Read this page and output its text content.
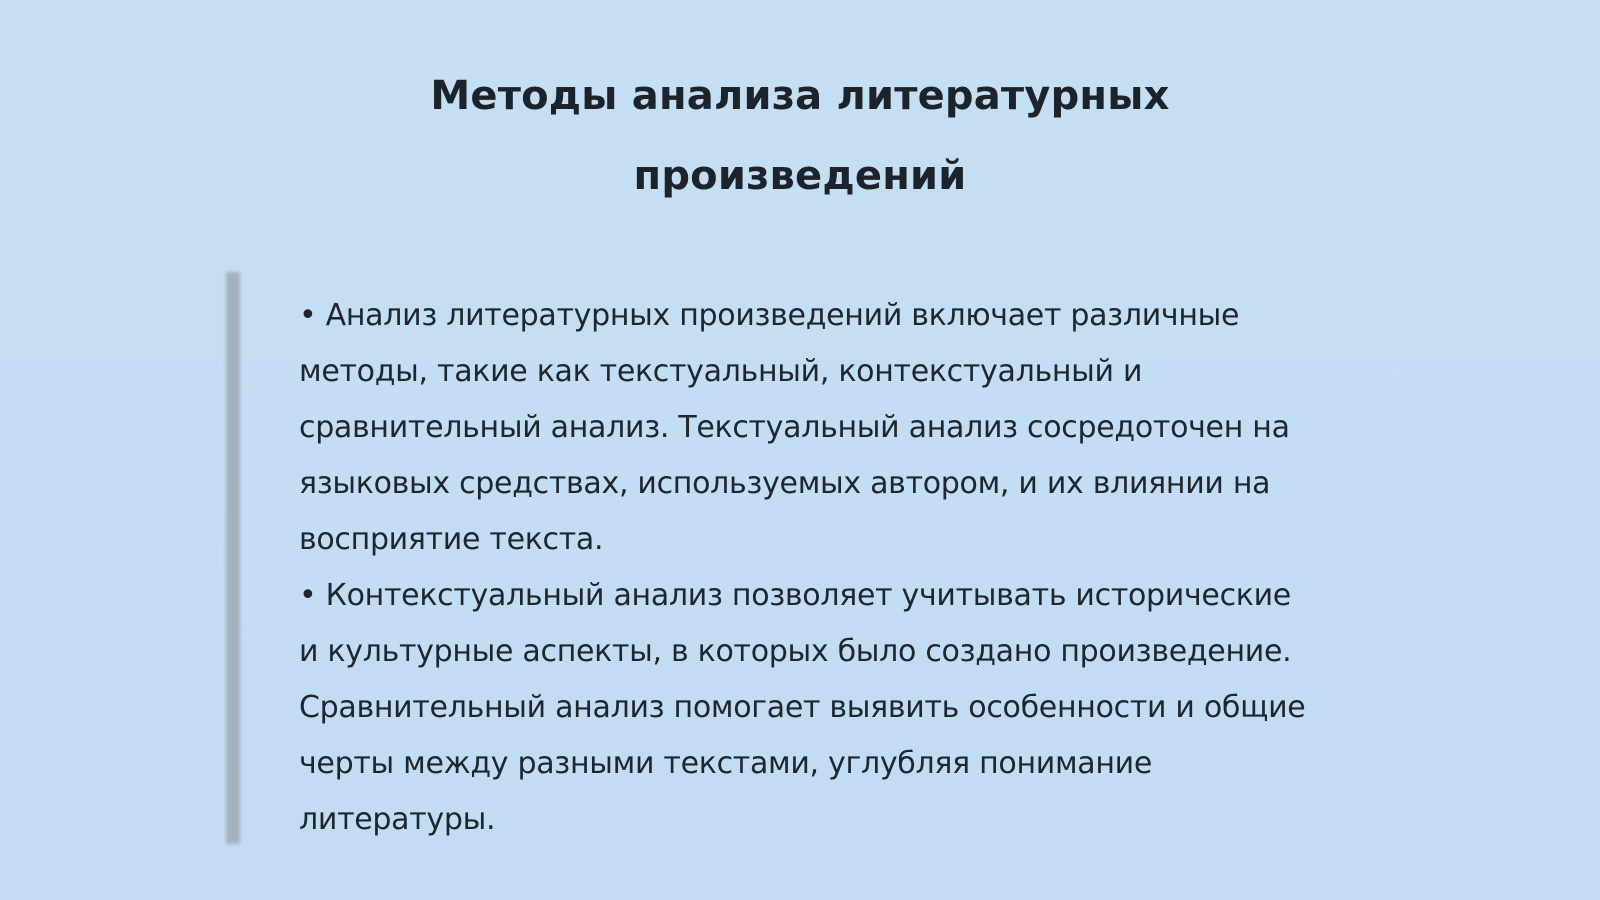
Методы анализа литературных произведений

• Анализ литературных произведений включает различные методы, такие как текстуальный, контекстуальный и сравнительный анализ. Текстуальный анализ сосредоточен на языковых средствах, используемых автором, и их влиянии на восприятие текста.

• Контекстуальный анализ позволяет учитывать исторические и культурные аспекты, в которых было создано произведение. Сравнительный анализ помогает выявить особенности и общие черты между разными текстами, углубляя понимание литературы.
